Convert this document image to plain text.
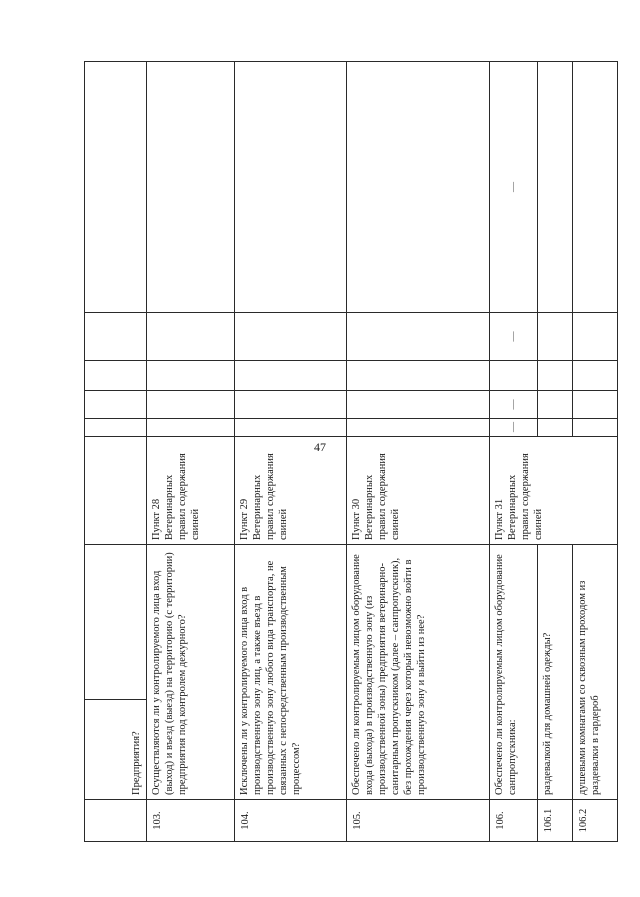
47
	Предприятия?							
103.	Осуществляются ли у контролируемого лица вход (выход) и въезд (выезд) на территорию (с территории) предприятия под контролем дежурного?		Пункт 28 Ветеринарных правил содержания свиней					
104.	Исключены ли у контролируемого лица вход в производственную зону лиц, а также въезд в производственную зону любого вида транспорта, не связанных с непосредственным производственным процессом?		Пункт 29 Ветеринарных правил содержания свиней					
105.	Обеспечено ли контролируемым лицом оборудование входа (выхода) в производственную зону (из производственной зоны) предприятия ветеринарно-санитарным пропускником (далее – санпропускник), без прохождения через который невозможно войти в производственную зону и выйти из нее?		Пункт 30 Ветеринарных правил содержания свиней					
106.	Обеспечено ли контролируемым лицом оборудование санпропускника:		Пункт 31 Ветеринарных правил содержания свиней	—	—		—	—
106.1	раздевалкой для домашней одежды?							
106.2	душевыми комнатами со сквозным проходом из раздевалки в гардероб							
